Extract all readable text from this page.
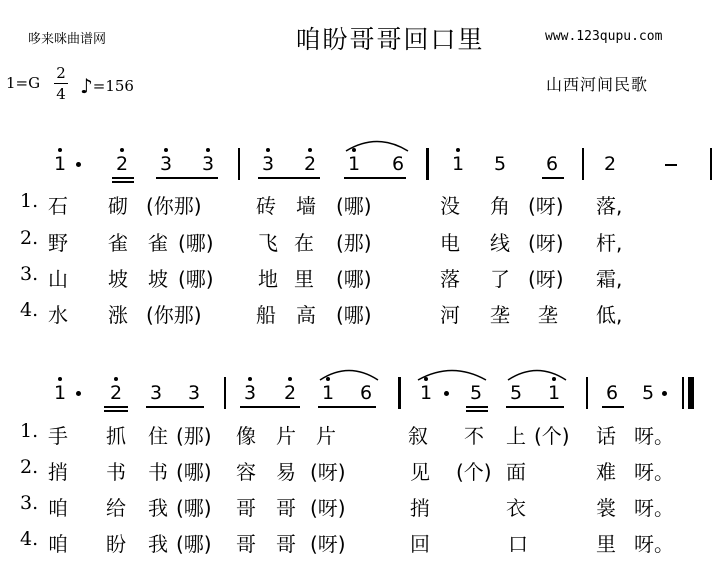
哆来咪曲谱网	咱盼哥哥回口里	www.123qupu.com
1=G
2
4 ♪=156	山西河间民歌
1	2 3 3	3 2 1 6	1 5 6 2
1. 石 砌 (你那)	砖 墙 (哪)	没 角 (呀) 落,
2. 野 雀 雀 (哪) 飞 在 (那)	电 线 (呀) 杆,
3. 山 坡 坡 (哪) 地 里 (哪)	落 了 (呀) 霜,
4. 水 涨 (你那)	船 高 (哪)	河 垄 垄 低,
1 2 3 3 3 2 1 6	1 5 5 1 6 5
1. 手 抓 住 (那) 像 片 片	叙 不 上 (个) 话 呀。
2. 捎 书 书 (哪) 容 易 (呀)	见 (个) 面	难 呀。
3. 咱 给 我 (哪) 哥 哥 (呀)	捎	衣	裳 呀。
4. 咱 盼 我 (哪) 哥 哥 (呀)	回	口	里 呀。
